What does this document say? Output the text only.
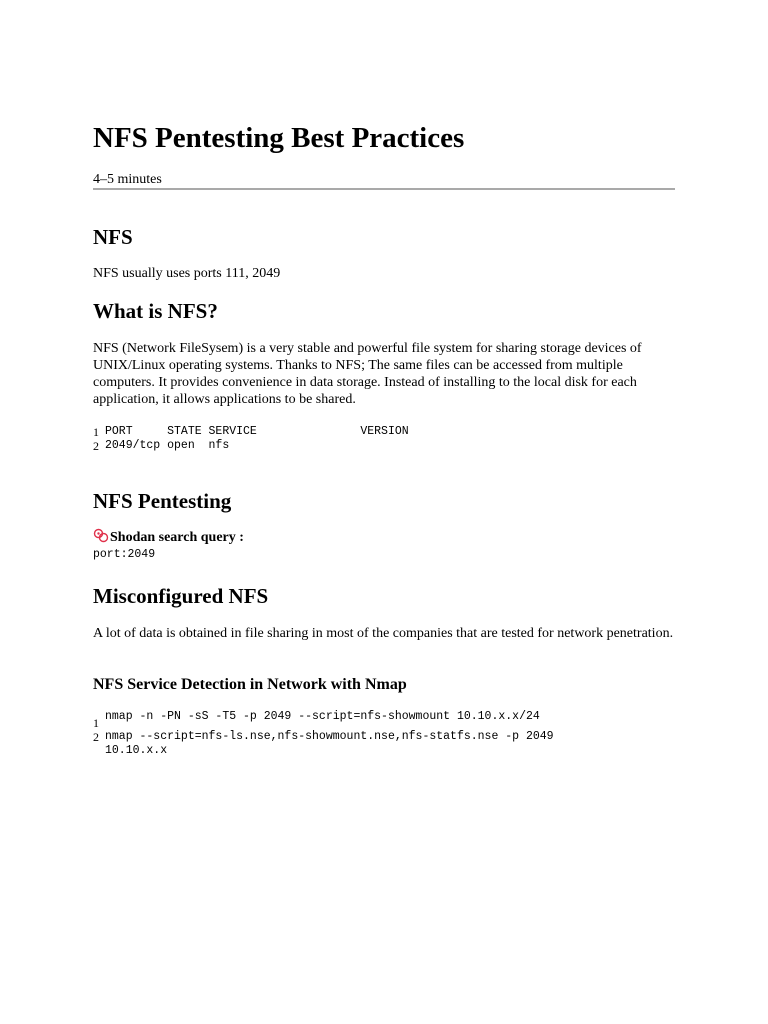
NFS Pentesting Best Practices
4–5 minutes
NFS

NFS usually uses ports 111, 2049

What is NFS?

NFS (Network FileSysem) is a very stable and powerful file system for sharing storage devices of UNIX/Linux operating systems. Thanks to NFS; The same files can be accessed from multiple computers. It provides convenience in data storage. Instead of installing to the local disk for each application, it allows applications to be shared.

1 PORT     STATE SERVICE               VERSION
2 2049/tcp open  nfs
NFS Pentesting
Shodan search query :
port:2049
Misconfigured NFS

A lot of data is obtained in file sharing in most of the companies that are tested for network penetration.

NFS Service Detection in Network with Nmap
1 nmap -n -PN -sS -T5 -p 2049 --script=nfs-showmount 10.10.x.x/24
2 nmap --script=nfs-ls.nse,nfs-showmount.nse,nfs-statfs.nse -p 2049 10.10.x.x
